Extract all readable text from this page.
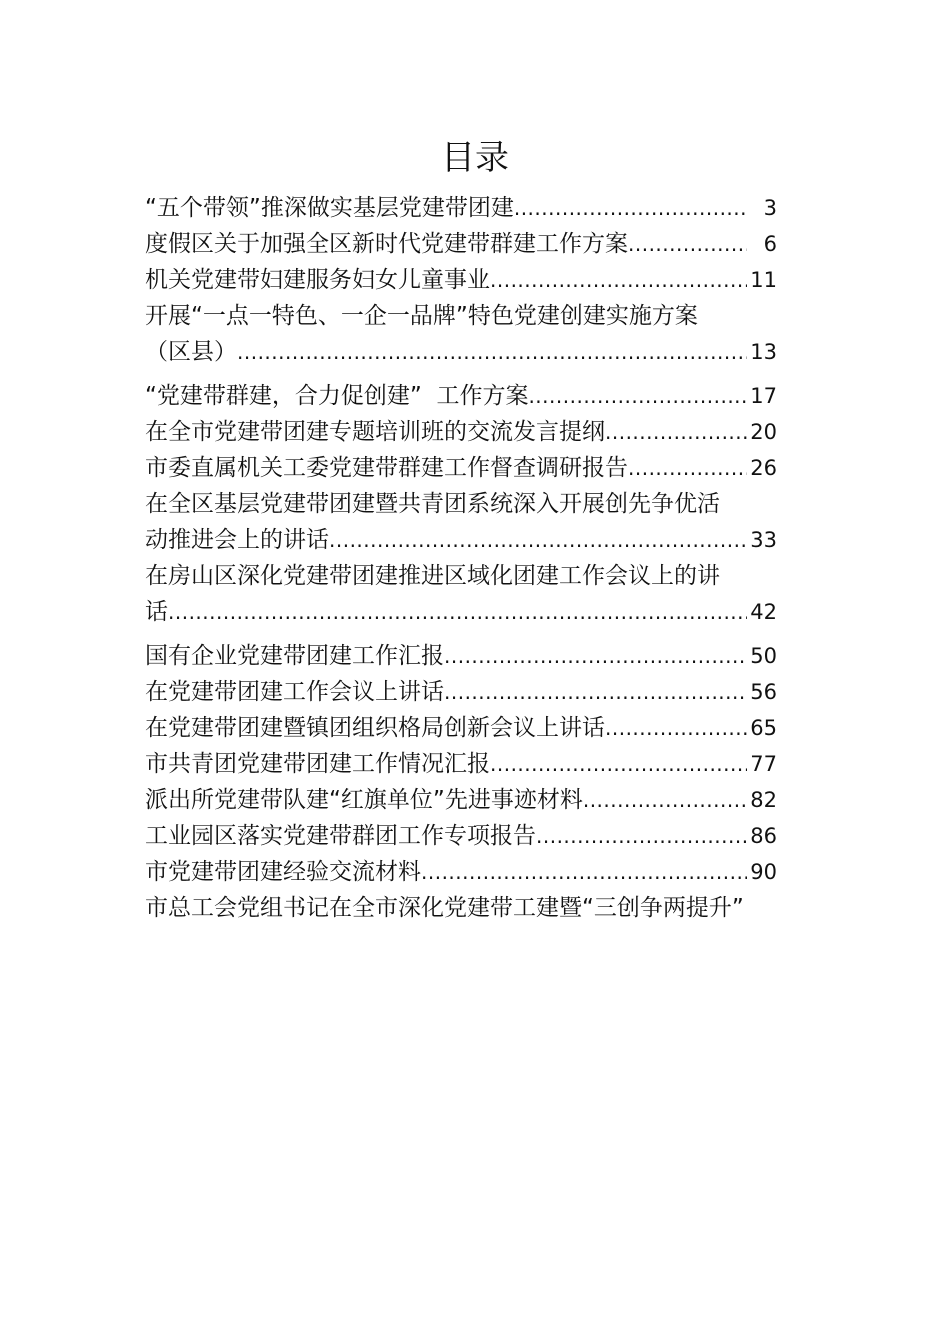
目录
“五个带领”推深做实基层党建带团建 .....	3
度假区关于加强全区新时代党建带群建工作方案 .....	6
机关党建带妇建服务妇女儿童事业 .....	11
开展“一点一特色、一企一品牌”特色党建创建实施方案
（区县） .....	13
“党建带群建，合力促创建”  工作方案 .....	17
在全市党建带团建专题培训班的交流发言提纲 .....	20
市委直属机关工委党建带群建工作督查调研报告 .....	26
在全区基层党建带团建暨共青团系统深入开展创先争优活
动推进会上的讲话 .....	33
在房山区深化党建带团建推进区域化团建工作会议上的讲
话 .....	42
国有企业党建带团建工作汇报 .....	50
在党建带团建工作会议上讲话 .....	56
在党建带团建暨镇团组织格局创新会议上讲话 .....	65
市共青团党建带团建工作情况汇报 .....	77
派出所党建带队建“红旗单位”先进事迹材料 .....	82
工业园区落实党建带群团工作专项报告 .....	86
市党建带团建经验交流材料 .....	90
市总工会党组书记在全市深化党建带工建暨“三创争两提升”
